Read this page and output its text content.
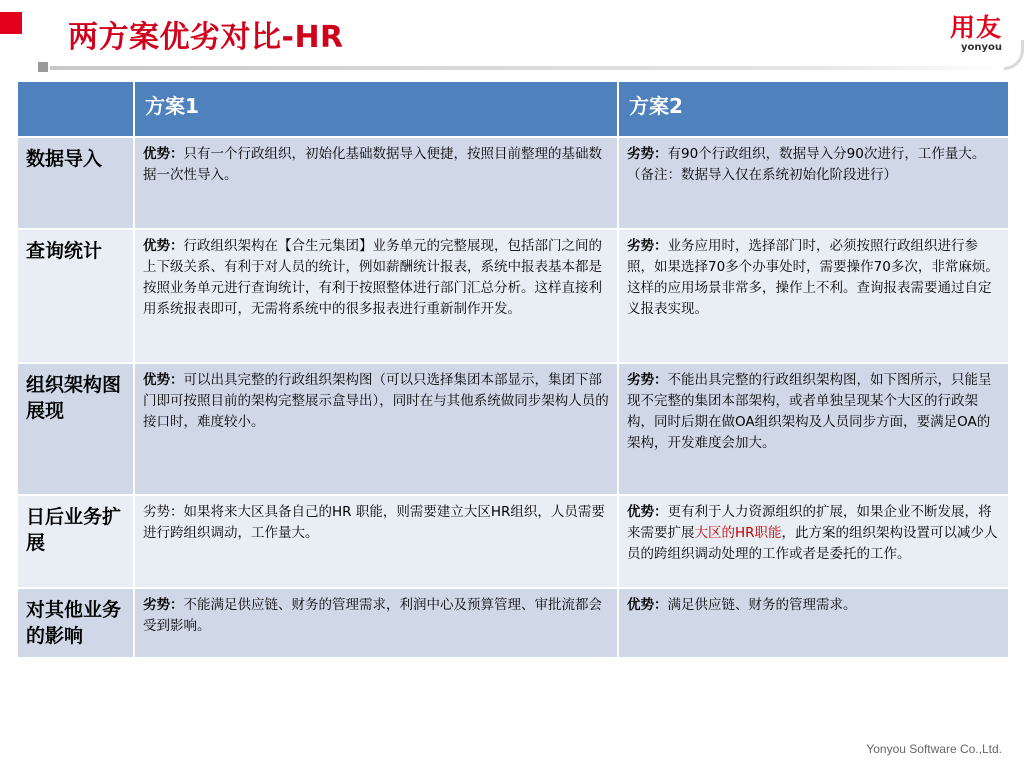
两方案优劣对比-HR	用友
yonyou
	方案1	方案2
数据导入	优势：只有一个行政组织，初始化基础数据导入便捷，按照目前整理的基础数据一次性导入。	劣势：有90个行政组织，数据导入分90次进行，工作量大。（备注：数据导入仅在系统初始化阶段进行）
查询统计	优势：行政组织架构在【合生元集团】业务单元的完整展现，包括部门之间的上下级关系、有利于对人员的统计，例如薪酬统计报表，系统中报表基本都是按照业务单元进行查询统计，有利于按照整体进行部门汇总分析。这样直接利用系统报表即可，无需将系统中的很多报表进行重新制作开发。	劣势：业务应用时，选择部门时，必须按照行政组织进行参照，如果选择70多个办事处时，需要操作70多次，非常麻烦。这样的应用场景非常多，操作上不利。查询报表需要通过自定义报表实现。
组织架构图展现	优势：可以出具完整的行政组织架构图（可以只选择集团本部显示，集团下部门即可按照目前的架构完整展示盒导出），同时在与其他系统做同步架构人员的接口时，难度较小。	劣势：不能出具完整的行政组织架构图，如下图所示，只能呈现不完整的集团本部架构，或者单独呈现某个大区的行政架构，同时后期在做OA组织架构及人员同步方面，要满足OA的架构，开发难度会加大。
日后业务扩展	劣势：如果将来大区具备自己的HR 职能，则需要建立大区HR组织，人员需要进行跨组织调动，工作量大。	优势：更有利于人力资源组织的扩展，如果企业不断发展，将来需要扩展大区的HR职能，此方案的组织架构设置可以减少人员的跨组织调动处理的工作或者是委托的工作。
对其他业务的影响	劣势：不能满足供应链、财务的管理需求，利润中心及预算管理、审批流都会受到影响。	优势：满足供应链、财务的管理需求。
Yonyou Software Co.,Ltd.
